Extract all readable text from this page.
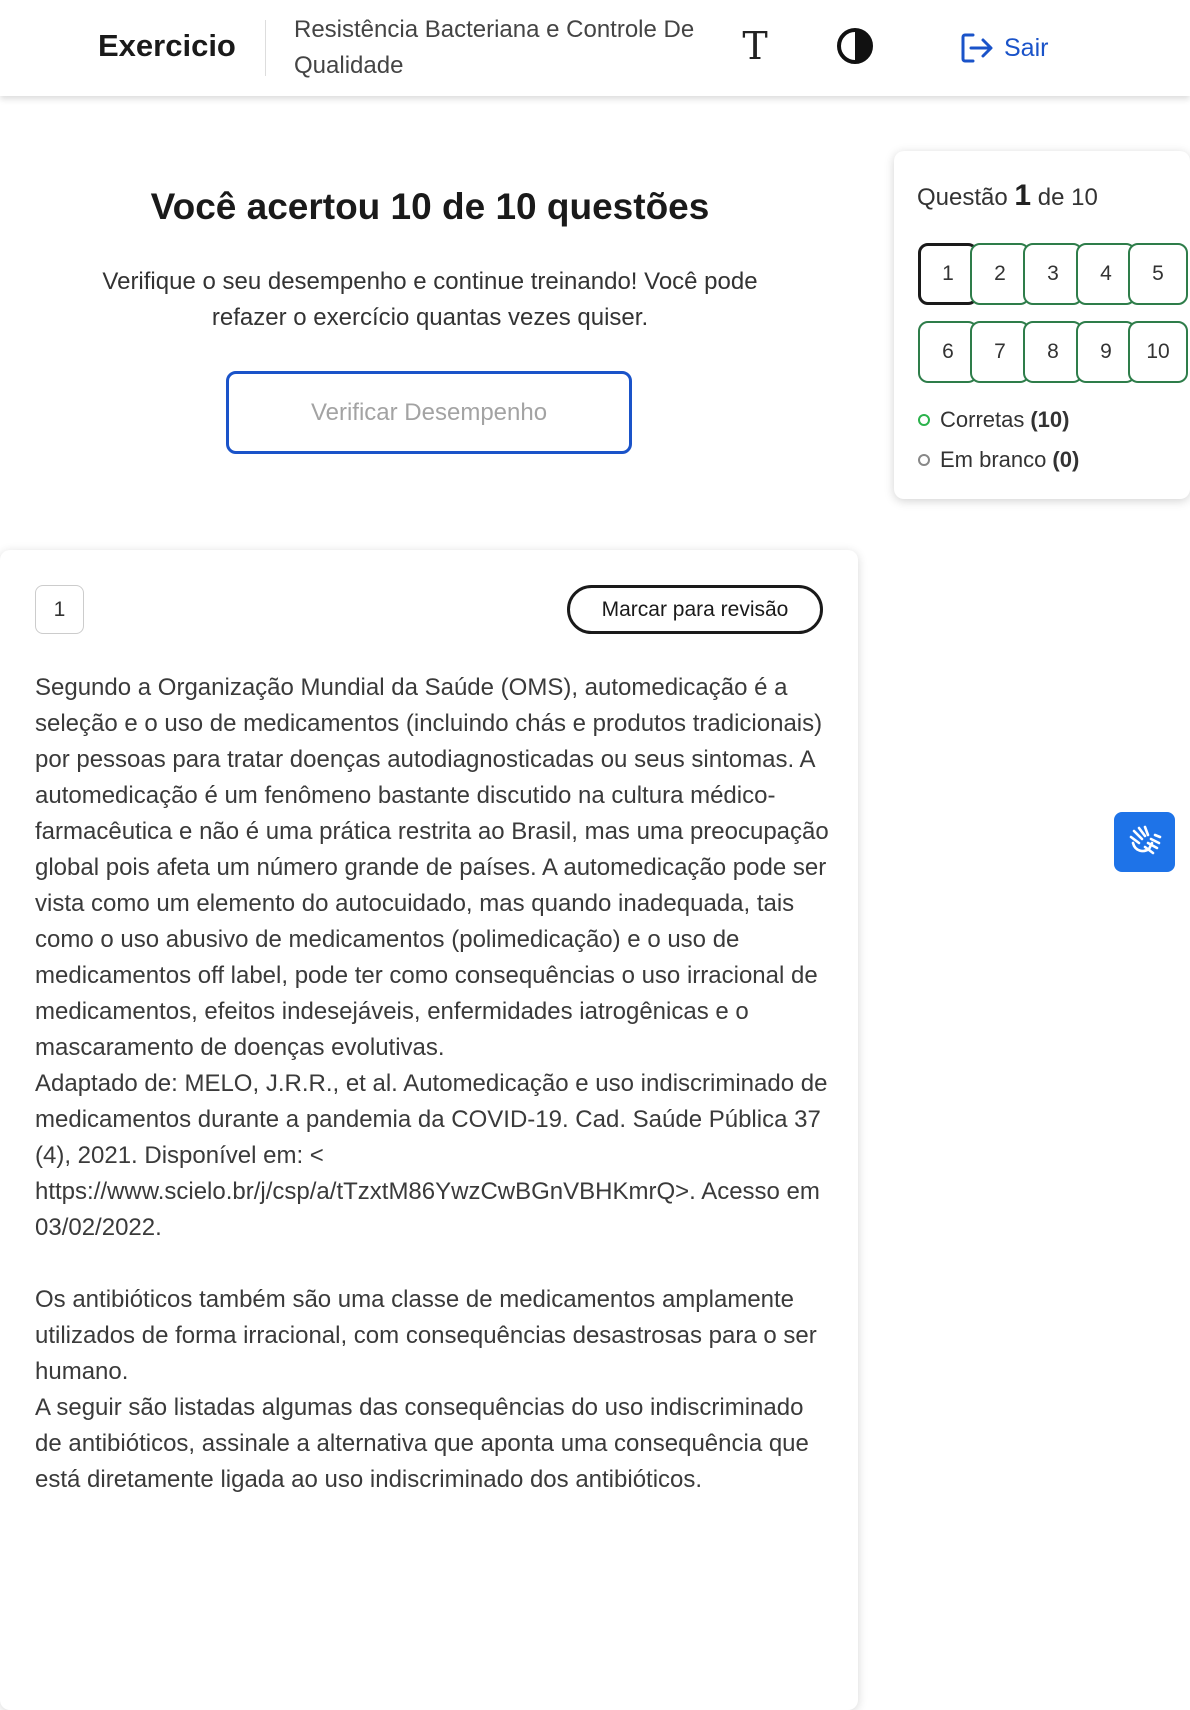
Exercicio Resistência Bacteriana e Controle De Qualidade	T	Sair
Você acertou 10 de 10 questões
Verifique o seu desempenho e continue treinando! Você pode refazer o exercício quantas vezes quiser.
Verificar Desempenho
Questão 1 de 10
1	2	3	4	5
6	7	8	9	10
Corretas (10)
Em branco (0)
1	Marcar para revisão

Segundo a Organização Mundial da Saúde (OMS), automedicação é a seleção e o uso de medicamentos (incluindo chás e produtos tradicionais) por pessoas para tratar doenças autodiagnosticadas ou seus sintomas. A automedicação é um fenômeno bastante discutido na cultura médico-farmacêutica e não é uma prática restrita ao Brasil, mas uma preocupação global pois afeta um número grande de países. A automedicação pode ser vista como um elemento do autocuidado, mas quando inadequada, tais como o uso abusivo de medicamentos (polimedicação) e o uso de medicamentos off label, pode ter como consequências o uso irracional de medicamentos, efeitos indesejáveis, enfermidades iatrogênicas e o mascaramento de doenças evolutivas.

Adaptado de: MELO, J.R.R., et al. Automedicação e uso indiscriminado de medicamentos durante a pandemia da COVID-19. Cad. Saúde Pública 37 (4), 2021. Disponível em: < https://www.scielo.br/j/csp/a/tTzxtM86YwzCwBGnVBHKmrQ>. Acesso em 03/02/2022.

Os antibióticos também são uma classe de medicamentos amplamente utilizados de forma irracional, com consequências desastrosas para o ser humano.

A seguir são listadas algumas das consequências do uso indiscriminado de antibióticos, assinale a alternativa que aponta uma consequência que está diretamente ligada ao uso indiscriminado dos antibióticos.
